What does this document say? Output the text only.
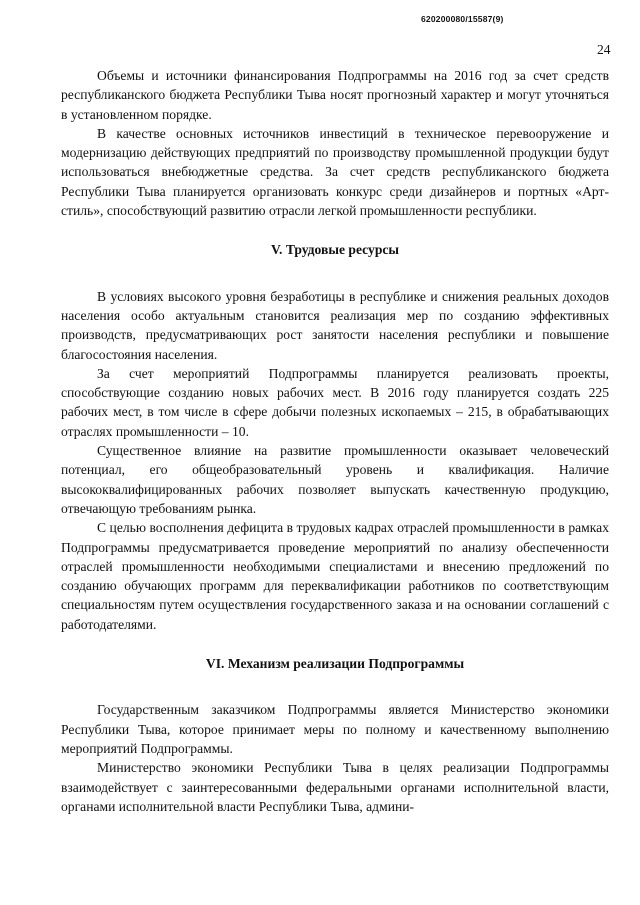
620200080/15587(9)
24

Объемы и источники финансирования Подпрограммы на 2016 год за счет средств республиканского бюджета Республики Тыва носят прогнозный характер и могут уточняться в установленном порядке.

В качестве основных источников инвестиций в техническое перевооружение и модернизацию действующих предприятий по производству промышленной продукции будут использоваться внебюджетные средства. За счет средств республиканского бюджета Республики Тыва планируется организовать конкурс среди дизайнеров и портных «Арт-стиль», способствующий развитию отрасли легкой промышленности республики.

V. Трудовые ресурсы

В условиях высокого уровня безработицы в республике и снижения реальных доходов населения особо актуальным становится реализация мер по созданию эффективных производств, предусматривающих рост занятости населения республики и повышение благосостояния населения.

За счет мероприятий Подпрограммы планируется реализовать проекты, способствующие созданию новых рабочих мест. В 2016 году планируется создать 225 рабочих мест, в том числе в сфере добычи полезных ископаемых – 215, в обрабатывающих отраслях промышленности – 10.

Существенное влияние на развитие промышленности оказывает человеческий потенциал, его общеобразовательный уровень и квалификация. Наличие высококвалифицированных рабочих позволяет выпускать качественную продукцию, отвечающую требованиям рынка.

С целью восполнения дефицита в трудовых кадрах отраслей промышленности в рамках Подпрограммы предусматривается проведение мероприятий по анализу обеспеченности отраслей промышленности необходимыми специалистами и внесению предложений по созданию обучающих программ для переквалификации работников по соответствующим специальностям путем осуществления государственного заказа и на основании соглашений с работодателями.

VI. Механизм реализации Подпрограммы

Государственным заказчиком Подпрограммы является Министерство экономики Республики Тыва, которое принимает меры по полному и качественному выполнению мероприятий Подпрограммы.

Министерство экономики Республики Тыва в целях реализации Подпрограммы взаимодействует с заинтересованными федеральными органами исполнительной власти, органами исполнительной власти Республики Тыва, админи-
